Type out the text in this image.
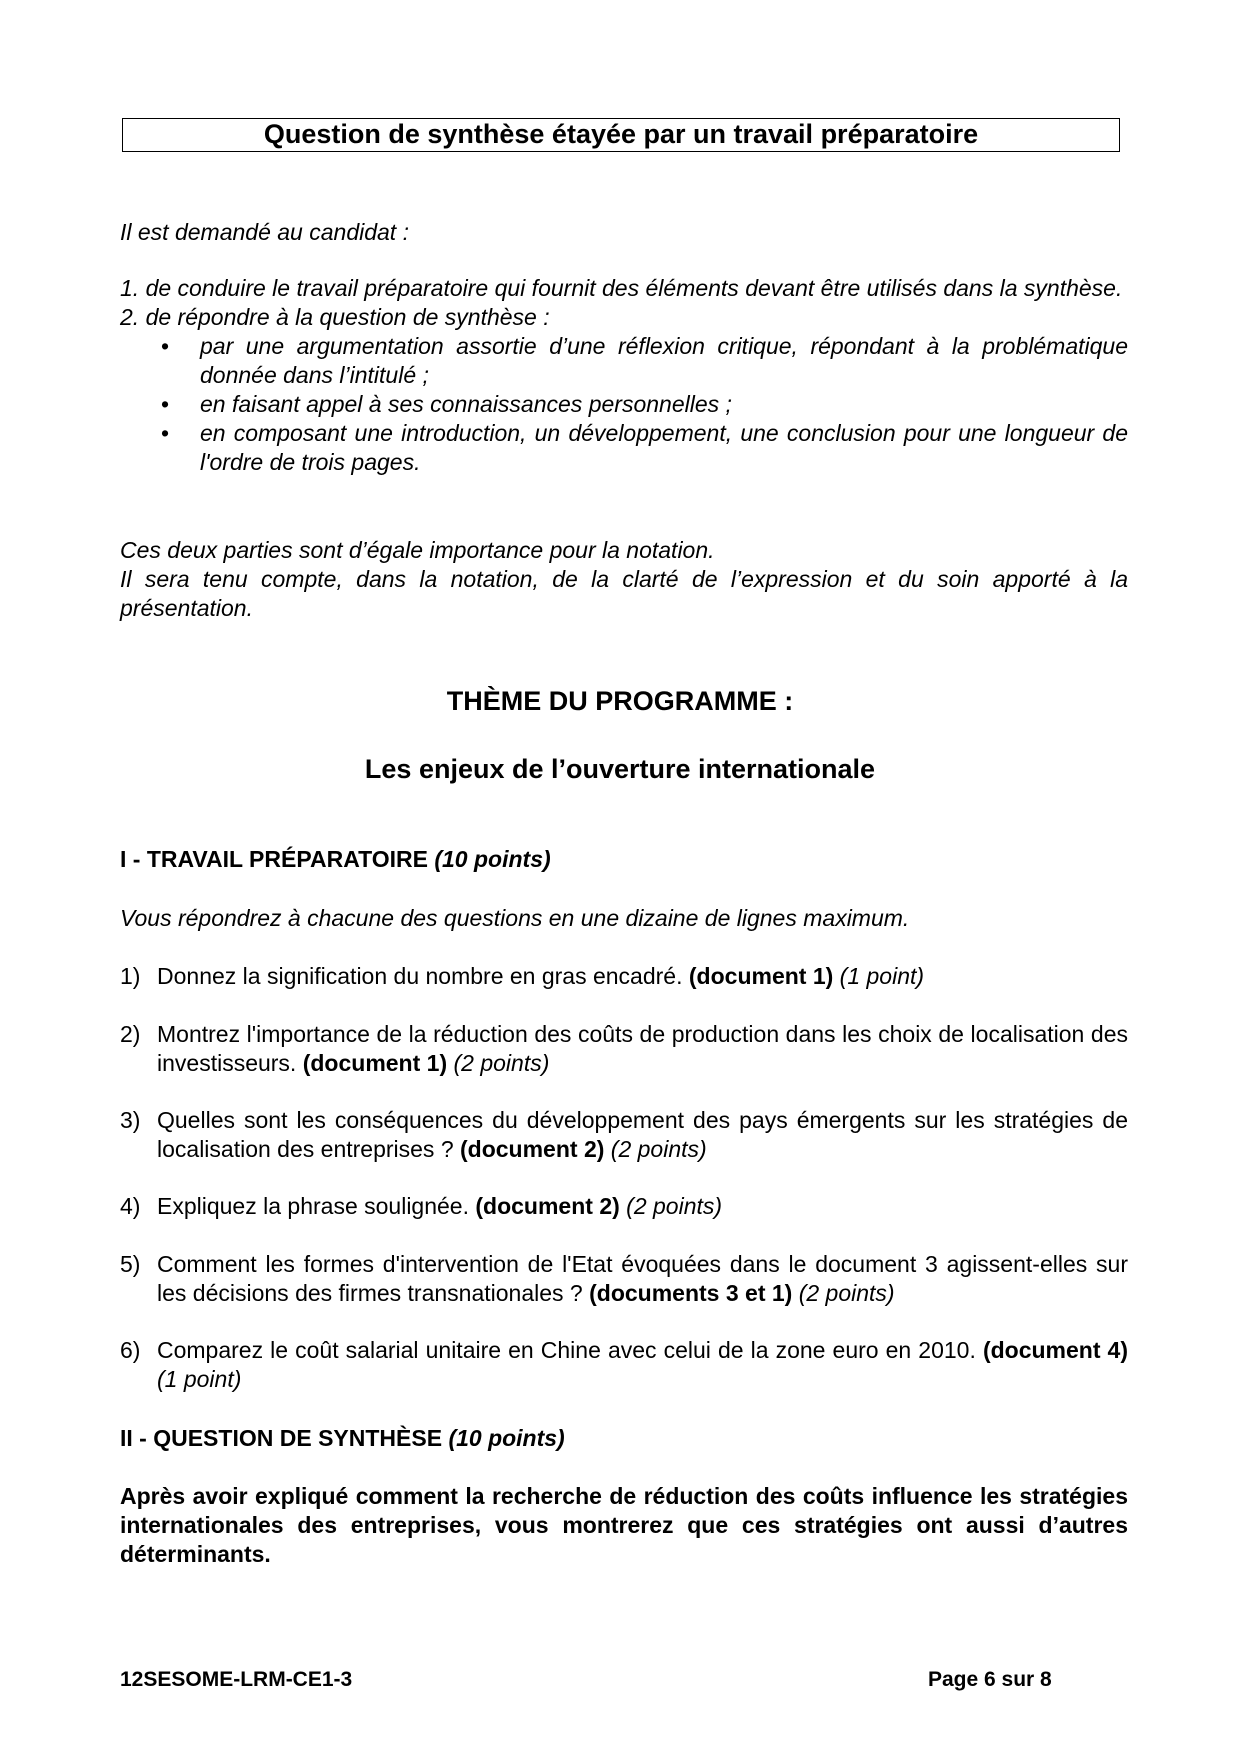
Question de synthèse étayée par un travail préparatoire
Il est demandé au candidat :
1. de conduire le travail préparatoire qui fournit des éléments devant être utilisés dans la synthèse.
2. de répondre à la question de synthèse :
• par une argumentation assortie d’une réflexion critique, répondant à la problématique donnée dans l’intitulé ;
• en faisant appel à ses connaissances personnelles ;
• en composant une introduction, un développement, une conclusion pour une longueur de l'ordre de trois pages.
Ces deux parties sont d’égale importance pour la notation.
Il sera tenu compte, dans la notation, de la clarté de l’expression et du soin apporté à la présentation.
THÈME DU PROGRAMME :
Les enjeux de l’ouverture internationale
I - TRAVAIL PRÉPARATOIRE (10 points)
Vous répondrez à chacune des questions en une dizaine de lignes maximum.
1) Donnez la signification du nombre en gras encadré. (document 1) (1 point)
2) Montrez l'importance de la réduction des coûts de production dans les choix de localisation des investisseurs. (document 1) (2 points)
3) Quelles sont les conséquences du développement des pays émergents sur les stratégies de localisation des entreprises ? (document 2) (2 points)
4) Expliquez la phrase soulignée. (document 2) (2 points)
5) Comment les formes d'intervention de l'Etat évoquées dans le document 3 agissent-elles sur les décisions des firmes transnationales ? (documents 3 et 1) (2 points)
6) Comparez le coût salarial unitaire en Chine avec celui de la zone euro en 2010. (document 4) (1 point)
II - QUESTION DE SYNTHÈSE (10 points)
Après avoir expliqué comment la recherche de réduction des coûts influence les stratégies internationales des entreprises, vous montrerez que ces stratégies ont aussi d’autres déterminants.
12SESOME-LRM-CE1-3	Page 6 sur 8
